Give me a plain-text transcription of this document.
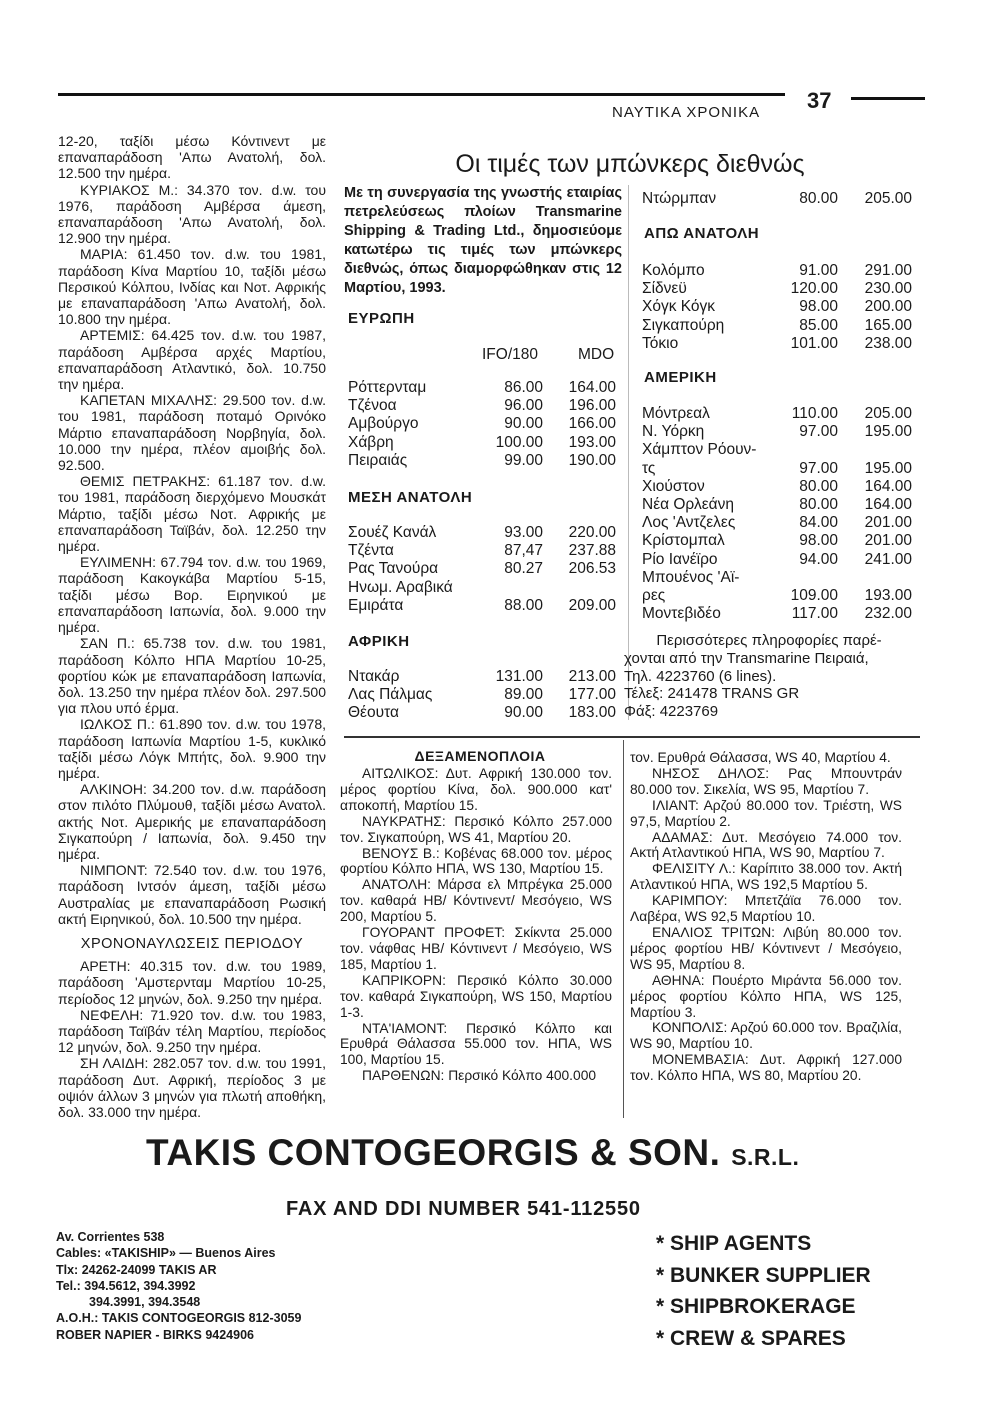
37
ΝΑΥΤΙΚΑ ΧΡΟΝΙΚΑ

12-20, ταξίδι μέσω Κόντινεντ με επαναπαράδοση 'Απω Ανατολή, δολ. 12.500 την ημέρα.

ΚΥΡΙΑΚΟΣ Μ.: 34.370 τον. d.w. του 1976, παράδοση Αμβέρσα άμεση, επαναπαράδοση 'Απω Ανατολή, δολ. 12.900 την ημέρα.

ΜΑΡΙΑ: 61.450 τον. d.w. του 1981, παράδοση Κίνα Μαρτίου 10, ταξίδι μέσω Περσικού Κόλπου, Ινδίας και Νοτ. Αφρικής με επαναπαράδοση 'Απω Ανατολή, δολ. 10.800 την ημέρα.

ΑΡΤΕΜΙΣ: 64.425 τον. d.w. του 1987, παράδοση Αμβέρσα αρχές Μαρτίου, επαναπαράδοση Ατλαντικό, δολ. 10.750 την ημέρα.

ΚΑΠΕΤΑΝ ΜΙΧΑΛΗΣ: 29.500 τον. d.w. του 1981, παράδοση ποταμό Ορινόκο Μάρτιο επαναπαράδοση Νορβηγία, δολ. 10.000 την ημέρα, πλέον αμοιβής δολ. 92.500.

ΘΕΜΙΣ ΠΕΤΡΑΚΗΣ: 61.187 τον. d.w. του 1981, παράδοση διερχόμενο Μουσκάτ Μάρτιο, ταξίδι μέσω Νοτ. Αφρικής με επαναπαράδοση Ταϊβάν, δολ. 12.250 την ημέρα.

ΕΥΛΙΜΕΝΗ: 67.794 τον. d.w. του 1969, παράδοση Κακογκάβα Μαρτίου 5-15, ταξίδι μέσω Βορ. Ειρηνικού με επαναπαράδοση Ιαπωνία, δολ. 9.000 την ημέρα.

ΣΑΝ Π.: 65.738 τον. d.w. του 1981, παράδοση Κόλπο ΗΠΑ Μαρτίου 10-25, φορτίου κώκ με επαναπαράδοση Ιαπωνία, δολ. 13.250 την ημέρα πλέον δολ. 297.500 για πλου υπό έρμα.

ΙΩΛΚΟΣ Π.: 61.890 τον. d.w. του 1978, παράδοση Ιαπωνία Μαρτίου 1-5, κυκλικό ταξίδι μέσω Λόγκ Μπήτς, δολ. 9.900 την ημέρα.

ΑΛΚΙΝΟΗ: 34.200 τον. d.w. παράδοση στον πιλότο Πλύμουθ, ταξίδι μέσω Ανατολ. ακτής Νοτ. Αμερικής με επαναπαράδοση Σιγκαπούρη / Ιαπωνία, δολ. 9.450 την ημέρα.

ΝΙΜΠΟΝΤ: 72.540 τον. d.w. του 1976, παράδοση Ιντσόν άμεση, ταξίδι μέσω Αυστραλίας με επαναπαράδοση Ρωσική ακτή Ειρηνικού, δολ. 10.500 την ημέρα.

ΧΡΟΝΟΝΑΥΛΩΣΕΙΣ ΠΕΡΙΟΔΟΥ

ΑΡΕΤΗ: 40.315 τον. d.w. του 1989, παράδοση 'Αμστερνταμ Μαρτίου 10-25, περίοδος 12 μηνών, δολ. 9.250 την ημέρα.

ΝΕΦΕΛΗ: 71.920 τον. d.w. του 1983, παράδοση Ταϊβάν τέλη Μαρτίου, περίοδος 12 μηνών, δολ. 9.250 την ημέρα.

ΣΗ ΛΑΙΔΗ: 282.057 τον. d.w. του 1991, παράδοση Δυτ. Αφρική, περίοδος 3 με οψιόν άλλων 3 μηνών για πλωτή αποθήκη, δολ. 33.000 την ημέρα.

Οι τιμές των μπώνκερς διεθνώς
Με τη συνεργασία της γνωστής εταιρίας πετρελεύσεως πλοίων Transmarine Shipping & Trading Ltd., δημοσιεύομε κατωτέρω τις τιμές των μπώνκερς διεθνώς, όπως διαμορφώθηκαν στις 12 Μαρτίου, 1993.
ΕΥΡΩΠΗ
IFO/180	MDO
Ρόττερνταμ	86.00 164.00
Τζένοα	96.00 196.00
Αμβούργο	90.00 166.00
Χάβρη	100.00 193.00
Πειραιάς	99.00 190.00
ΜΕΣΗ ΑΝΑΤΟΛΗ
Σουέζ Κανάλ	93.00 220.00
Τζέντα	87,47 237.88
Ρας Τανούρα	80.27 206.53
Ηνωμ. Αραβικά
Εμιράτα	88.00 209.00
ΑΦΡΙΚΗ
Ντακάρ	131.00 213.00
Λας Πάλμας	89.00 177.00
Θέουτα	90.00 183.00
Ντώρμπαν	80.00 205.00
ΑΠΩ ΑΝΑΤΟΛΗ
Κολόμπο	91.00 291.00
Σίδνεϋ	120.00 230.00
Χόγκ Κόγκ	98.00 200.00
Σιγκαπούρη	85.00 165.00
Τόκιο	101.00 238.00
ΑΜΕΡΙΚΗ
Μόντρεαλ	110.00 205.00
Ν. Υόρκη	97.00 195.00
Χάμπτον Ρόουν-
τς	97.00 195.00
Χιούστον	80.00 164.00
Νέα Ορλεάνη	80.00 164.00
Λος 'Αντζελες	84.00 201.00
Κρίστομπαλ	98.00 201.00
Ρίο Ιανέϊρο	94.00 241.00
Μπουένος 'Αϊ-
ρες	109.00 193.00
Μοντεβιδέο	117.00 232.00
Περισσότερες πληροφορίες παρέ-
χονται από την Transmarine Πειραιά,
Τηλ. 4223760 (6 lines).
Τέλεξ: 241478 TRANS GR
Φάξ: 4223769
ΔΕΞΑΜΕΝΟΠΛΟΙΑ

ΑΙΤΩΛΙΚΟΣ: Δυτ. Αφρική 130.000 τον. μέρος φορτίου Κίνα, δολ. 900.000 κατ' αποκοπή, Μαρτίου 15.

ΝΑΥΚΡΑΤΗΣ: Περσικό Κόλπο 257.000 τον. Σιγκαπούρη, WS 41, Μαρτίου 20.

ΒΕΝΟΥΣ Β.: Κοβένας 68.000 τον. μέρος φορτίου Κόλπο ΗΠΑ, WS 130, Μαρτίου 15.

ΑΝΑΤΟΛΗ: Μάρσα ελ Μπρέγκα 25.000 τον. καθαρά HB/ Κόντινεντ/ Μεσόγειο, WS 200, Μαρτίου 5.

ΓΟΥΟΡΑΝΤ ΠΡΟΦΕΤ: Σκίκντα 25.000 τον. νάφθας HB/ Κόντινεντ / Μεσόγειο, WS 185, Μαρτίου 1.

ΚΑΠΡΙΚΟΡΝ: Περσικό Κόλπο 30.000 τον. καθαρά Σιγκαπούρη, WS 150, Μαρτίου 1-3.

ΝΤΑ'ΙΑΜΟΝΤ: Περσικό Κόλπο και Ερυθρά Θάλασσα 55.000 τον. ΗΠΑ, WS 100, Μαρτίου 15.

ΠΑΡΘΕΝΩΝ: Περσικό Κόλπο 400.000

τον. Ερυθρά Θάλασσα, WS 40, Μαρτίου 4.

ΝΗΣΟΣ ΔΗΛΟΣ: Ρας Μπουντράν 80.000 τον. Σικελία, WS 95, Μαρτίου 7.

ΙΛΙΑΝΤ: Αρζού 80.000 τον. Τριέστη, WS 97,5, Μαρτίου 2.

ΑΔΑΜΑΣ: Δυτ. Μεσόγειο 74.000 τον. Ακτή Ατλαντικού ΗΠΑ, WS 90, Μαρτίου 7.

ΦΕΛΙΣΙΤΥ Λ.: Καρίπιτο 38.000 τον. Ακτή Ατλαντικού ΗΠΑ, WS 192,5 Μαρτίου 5.

ΚΑΡΙΜΠΟΥ: Μπετζάϊα 76.000 τον. Λαβέρα, WS 92,5 Μαρτίου 10.

ΕΝΑΛΙΟΣ ΤΡΙΤΩΝ: Λιβύη 80.000 τον. μέρος φορτίου HB/ Κόντινεντ / Μεσόγειο, WS 95, Μαρτίου 8.

ΑΘΗΝΑ: Πουέρτο Μιράντα 56.000 τον. μέρος φορτίου Κόλπο ΗΠΑ, WS 125, Μαρτίου 3.

ΚΟΝΠΟΛΙΣ: Αρζού 60.000 τον. Βραζιλία, WS 90, Μαρτίου 10.

ΜΟΝΕΜΒΑΣΙΑ: Δυτ. Αφρική 127.000 τον. Κόλπο ΗΠΑ, WS 80, Μαρτίου 20.

TAKIS CONTOGEORGIS & SON. S.R.L.
FAX AND DDI NUMBER 541-112550
Av. Corrientes 538
Cables: «TAKISHIP» — Buenos Aires
Tlx: 24262-24099 TAKIS AR
Tel.: 394.5612, 394.3992
394.3991, 394.3548
A.O.H.: TAKIS CONTOGEORGIS 812-3059
ROBER NAPIER - BIRKS 9424906
* SHIP AGENTS
* BUNKER SUPPLIER
* SHIPBROKERAGE
* CREW & SPARES
